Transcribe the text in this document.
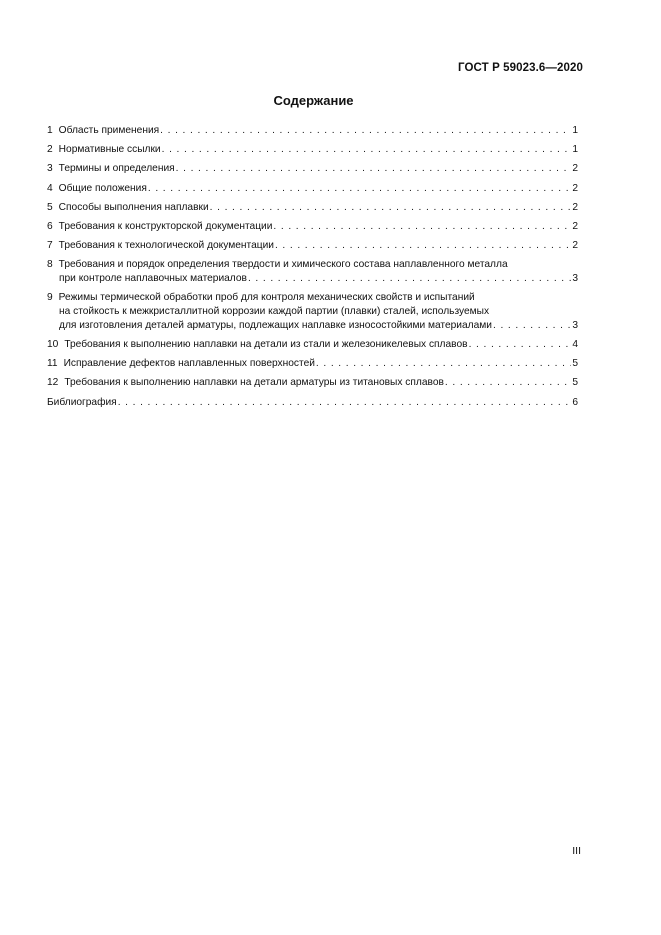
ГОСТ Р 59023.6—2020
Содержание
1 Область применения . . .	1
2 Нормативные ссылки . . .	1
3 Термины и определения . . .	2
4 Общие положения . . .	2
5 Способы выполнения наплавки . . .	2
6 Требования к конструкторской документации . . .	2
7 Требования к технологической документации . . .	2
8 Требования и порядок определения твердости и химического состава наплавленного металла
при контроле наплавочных материалов . . .	3
9 Режимы термической обработки проб для контроля механических свойств и испытаний
на стойкость к межкристаллитной коррозии каждой партии (плавки) сталей, используемых
для изготовления деталей арматуры, подлежащих наплавке износостойкими материалами . . .	3
10 Требования к выполнению наплавки на детали из стали и железоникелевых сплавов . . .	4
11 Исправление дефектов наплавленных поверхностей . . .	5
12 Требования к выполнению наплавки на детали арматуры из титановых сплавов . . .	5
Библиография . . .	6
III
